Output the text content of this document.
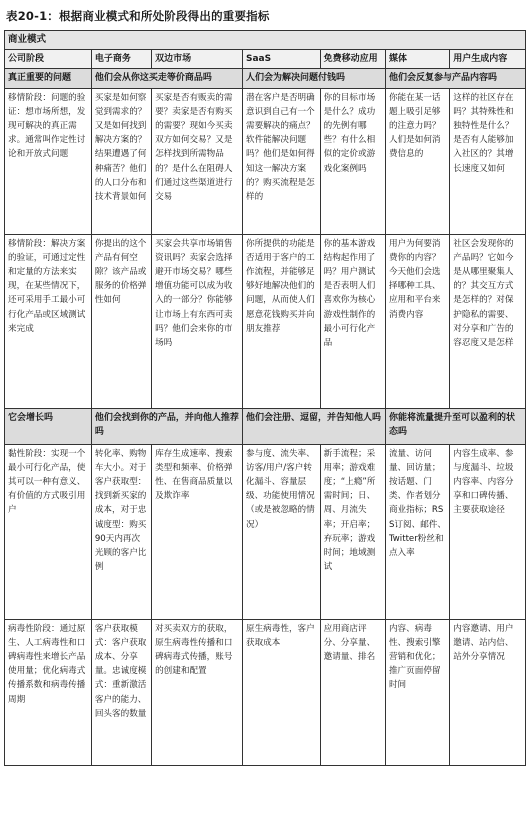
表20-1：根据商业模式和所处阶段得出的重要指标
商业模式						
公司阶段	电子商务	双边市场	SaaS	免费移动应用	媒体	用户生成内容
真正重要的问题	他们会从你这买走等价商品吗		人们会为解决问题付钱吗		他们会反复参与产品内容吗	
移情阶段：问题的验证：想市场所想，发现可解决的真正需求。通常叫作定性讨论和开放式问题	买家是如何察觉到需求的？又是如何找到解决方案的？结果遭遇了何种痛苦？他们的人口分布和技术背景如何	买家是否有贩卖的需要？卖家是否有购买的需要？现如今买卖双方如何交易？又是怎样找到所需物品的？是什么在阻碍人们通过这些渠道进行交易	潜在客户是否明确意识到自己有一个需要解决的痛点？软件能解决问题吗？他们是如何得知这一解决方案的？购买流程是怎样的	你的目标市场是什么？成功的先例有哪些？有什么相似的定价或游戏化案例吗	你能在某一话题上吸引足够的注意力吗？人们是如何消费信息的	这样的社区存在吗？其特殊性和独特性是什么？是否有人能够加入社区的？其增长速度又如何
移情阶段：解决方案的验证，可通过定性和定量的方法来实现，在某些情况下，还可采用手工最小可行化产品或区域测试来完成	你提出的这个产品有何空隙？该产品或服务的价格弹性如何	买家会共享市场销售资讯吗？卖家会选择避开市场交易？哪些增值功能可以成为收入的一部分？你能够让市场上有东西可卖吗？他们会来你的市场吗	你所提供的功能是否适用于客户的工作流程，并能够足够好地解决他们的问题，从而使人们愿意花钱购买并向朋友推荐	你的基本游戏结构起作用了吗？用户测试是否表明人们喜欢你为核心游戏性制作的最小可行化产品	用户为何要消费你的内容？今天他们会选择哪种工具、应用和平台来消费内容	社区会发现你的产品吗？它如今是从哪里聚集人的？其交互方式是怎样的？对保护隐私的需要、对分享和广告的容忍度又是怎样
它会增长吗	他们会找到你的产品，并向他人推荐吗		他们会注册、逗留，并告知他人吗		你能将流量提升至可以盈利的状态吗	
黏性阶段：实现一个最小可行化产品，使其可以一种有意义、有价值的方式吸引用户	转化率、购物车大小。对于客户获取型：找到新买家的成本，对于忠诚度型：购买90天内再次光顾的客户比例	库存生成速率、搜索类型和频率、价格弹性、在售商品质量以及欺诈率	参与度、流失率、访客/用户/客户转化漏斗、容量层级、功能使用情况（或是被忽略的情况）	新手流程；采用率；游戏难度；“上瘾”所需时间；日、周、月流失率；开启率；弃玩率；游戏时间；地域测试	流量、访问量、回访量；按话题、门类、作者划分商业指标；RSS订阅、邮件、Twitter粉丝和点入率	内容生成率、参与度漏斗、垃圾内容率、内容分享和口碑传播、主要获取途径
病毒性阶段：通过原生、人工病毒性和口碑病毒性来增长产品使用量；优化病毒式传播系数和病毒传播周期	客户获取模式：客户获取成本、分享量。忠诚度模式：重新激活客户的能力、回头客的数量	对买卖双方的获取，原生病毒性传播和口碑病毒式传播，账号的创建和配置	原生病毒性，客户获取成本	应用商店评分、分享量、邀请量、排名	内容、病毒性、搜索引擎营销和优化；推广页面停留时间	内容邀请、用户邀请、站内信、站外分享情况
